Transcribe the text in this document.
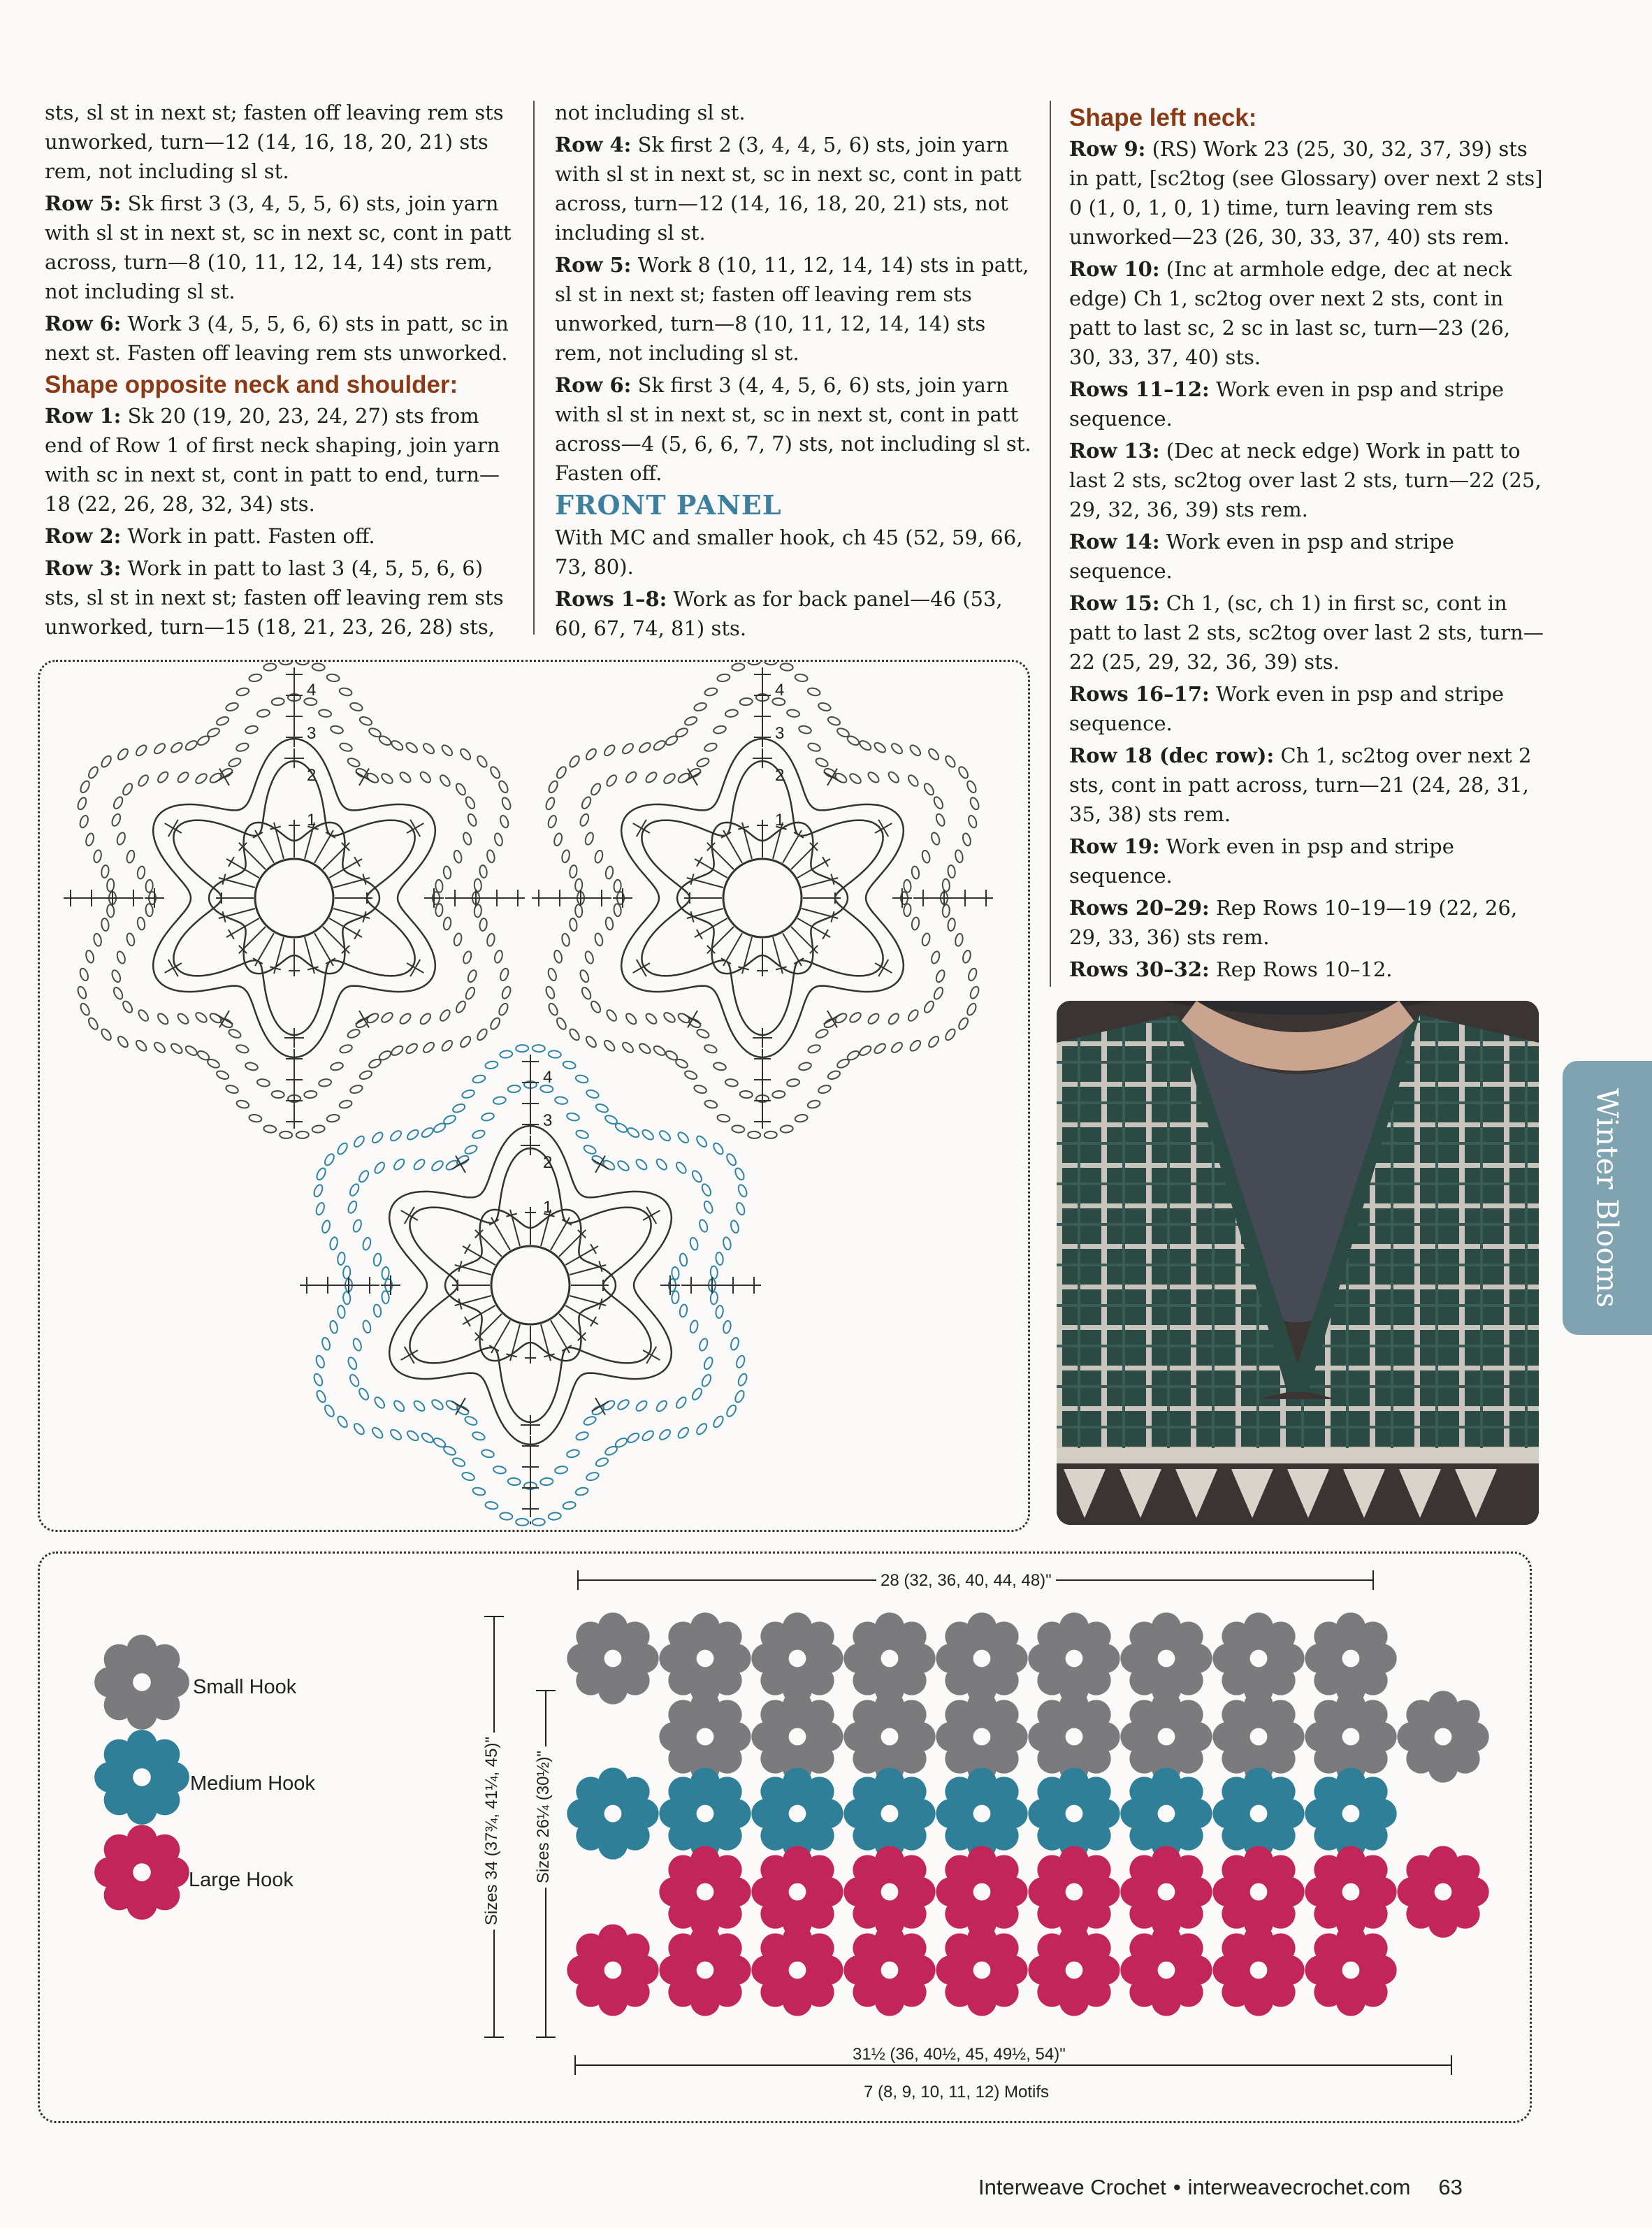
sts, sl st in next st; fasten off leaving rem sts unworked, turn—12 (14, 16, 18, 20, 21) sts rem, not including sl st.

Row 5: Sk first 3 (3, 4, 5, 5, 6) sts, join yarn with sl st in next st, sc in next sc, cont in patt across, turn—8 (10, 11, 12, 14, 14) sts rem, not including sl st.

Row 6: Work 3 (4, 5, 5, 6, 6) sts in patt, sc in next st. Fasten off leaving rem sts unworked.

Shape opposite neck and shoulder:

Row 1: Sk 20 (19, 20, 23, 24, 27) sts from end of Row 1 of first neck shaping, join yarn with sc in next st, cont in patt to end, turn—18 (22, 26, 28, 32, 34) sts.

Row 2: Work in patt. Fasten off.

Row 3: Work in patt to last 3 (4, 5, 5, 6, 6) sts, sl st in next st; fasten off leaving rem sts unworked, turn—15 (18, 21, 23, 26, 28) sts,

not including sl st.

Row 4: Sk first 2 (3, 4, 4, 5, 6) sts, join yarn with sl st in next st, sc in next sc, cont in patt across, turn—12 (14, 16, 18, 20, 21) sts, not including sl st.

Row 5: Work 8 (10, 11, 12, 14, 14) sts in patt, sl st in next st; fasten off leaving rem sts unworked, turn—8 (10, 11, 12, 14, 14) sts rem, not including sl st.

Row 6: Sk first 3 (4, 4, 5, 6, 6) sts, join yarn with sl st in next st, sc in next st, cont in patt across—4 (5, 6, 6, 7, 7) sts, not including sl st. Fasten off.

FRONT PANEL

With MC and smaller hook, ch 45 (52, 59, 66, 73, 80).

Rows 1–8: Work as for back panel—46 (53, 60, 67, 74, 81) sts.

Shape left neck:

Row 9: (RS) Work 23 (25, 30, 32, 37, 39) sts in patt, [sc2tog (see Glossary) over next 2 sts] 0 (1, 0, 1, 0, 1) time, turn leaving rem sts unworked—23 (26, 30, 33, 37, 40) sts rem.

Row 10: (Inc at armhole edge, dec at neck edge) Ch 1, sc2tog over next 2 sts, cont in patt to last sc, 2 sc in last sc, turn—23 (26, 30, 33, 37, 40) sts.

Rows 11–12: Work even in psp and stripe sequence.

Row 13: (Dec at neck edge) Work in patt to last 2 sts, sc2tog over last 2 sts, turn—22 (25, 29, 32, 36, 39) sts rem.

Row 14: Work even in psp and stripe sequence.

Row 15: Ch 1, (sc, ch 1) in first sc, cont in patt to last 2 sts, sc2tog over last 2 sts, turn—22 (25, 29, 32, 36, 39) sts.

Rows 16–17: Work even in psp and stripe sequence.

Row 18 (dec row): Ch 1, sc2tog over next 2 sts, cont in patt across, turn—21 (24, 28, 31, 35, 38) sts rem.

Row 19: Work even in psp and stripe sequence.

Rows 20–29: Rep Rows 10–19—19 (22, 26, 29, 33, 36) sts rem.

Rows 30–32: Rep Rows 10–12.

Winter Blooms
1
2
3
4
1
2
3
4
1
2
3
4
Small Hook
Medium Hook
Large Hook
28 (32, 36, 40, 44, 48)"
31½ (36, 40½, 45, 49½, 54)"
7 (8, 9, 10, 11, 12) Motifs
Sizes 34 (37¾, 41¼, 45)" Sizes 26¼ (30½)"
Interweave Crochet • interweavecrochet.com 63
